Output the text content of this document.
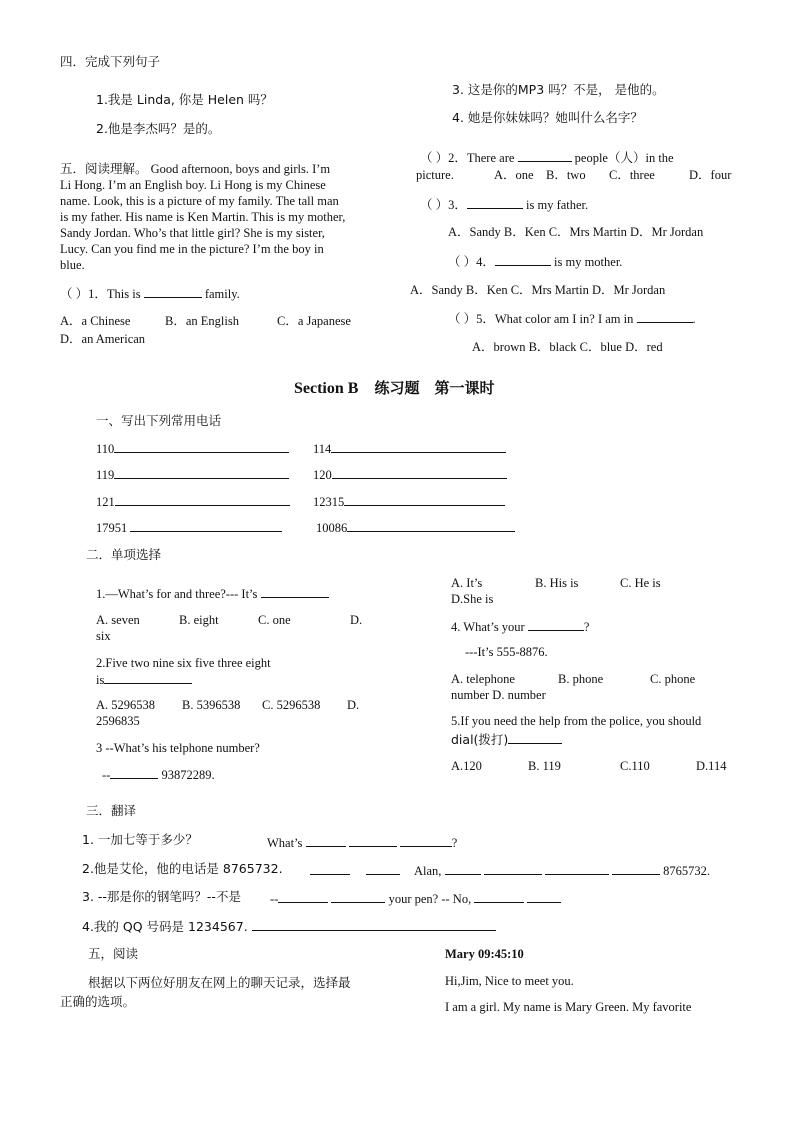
四．完成下列句子
1.我是 Linda, 你是 Helen 吗？
2.他是李杰吗？是的。
五．阅读理解。 Good afternoon, boys and girls. I’m
Li Hong. I’m an English boy. Li Hong is my Chinese
name. Look, this is a picture of my family. The tall man
is my father. His name is Ken Martin. This is my mother,
Sandy Jordan. Who’s that little girl? She is my sister,
Lucy. Can you find me in the picture? I’m the boy in
blue.
（ ）1．This is	family.
A．a Chinese	B．an English	C．a Japanese
D．an American
3. 这是你的MP3 吗？不是， 是他的。
4. 她是你妹妹吗？她叫什么名字？
（ ）2．There are	people（人）in the
picture.	A．one B．two C．three	D．four
（ ）3．	is my father.
A．Sandy B．Ken C．Mrs Martin D．Mr Jordan
（ ）4．	is my mother.
A．Sandy B．Ken C．Mrs Martin D．Mr Jordan
（ ）5．What color am I in? I am in	.
A．brown B．black C．blue D．red
Section B 练习题　第一课时
一、写出下列常用电话
110	114
119	120
121	12315
17951	10086
二．单项选择
1.—What’s for and three?--- It’s
A. seven	B. eight	C. one	D.
six
2.Five two nine six five three eight
is
A. 5296538 B. 5396538 C. 5296538 D.
2596835
3 --What’s his telphone number?
--	93872289.
A. It’s	B. His is	C. He is
D.She is
4. What’s your	?
---It’s 555-8876.
A. telephone	B. phone	C. phone
number D. number
5.If you need the help from the police, you should
dial(拨打)
A.120	B. 119	C.110	D.114
三．翻译
1. 一加七等于多少？	What’s	?
2.他是艾伦，他的电话是 8765732.
	Alan,	8765732.
3. --那是你的钢笔吗？--不是 --	your pen? -- No,
4.我的 QQ 号码是 1234567.
五，阅读
根据以下两位好朋友在网上的聊天记录，选择最
正确的选项。
Mary 09:45:10
Hi,Jim, Nice to meet you.
I am a girl. My name is Mary Green. My favorite
